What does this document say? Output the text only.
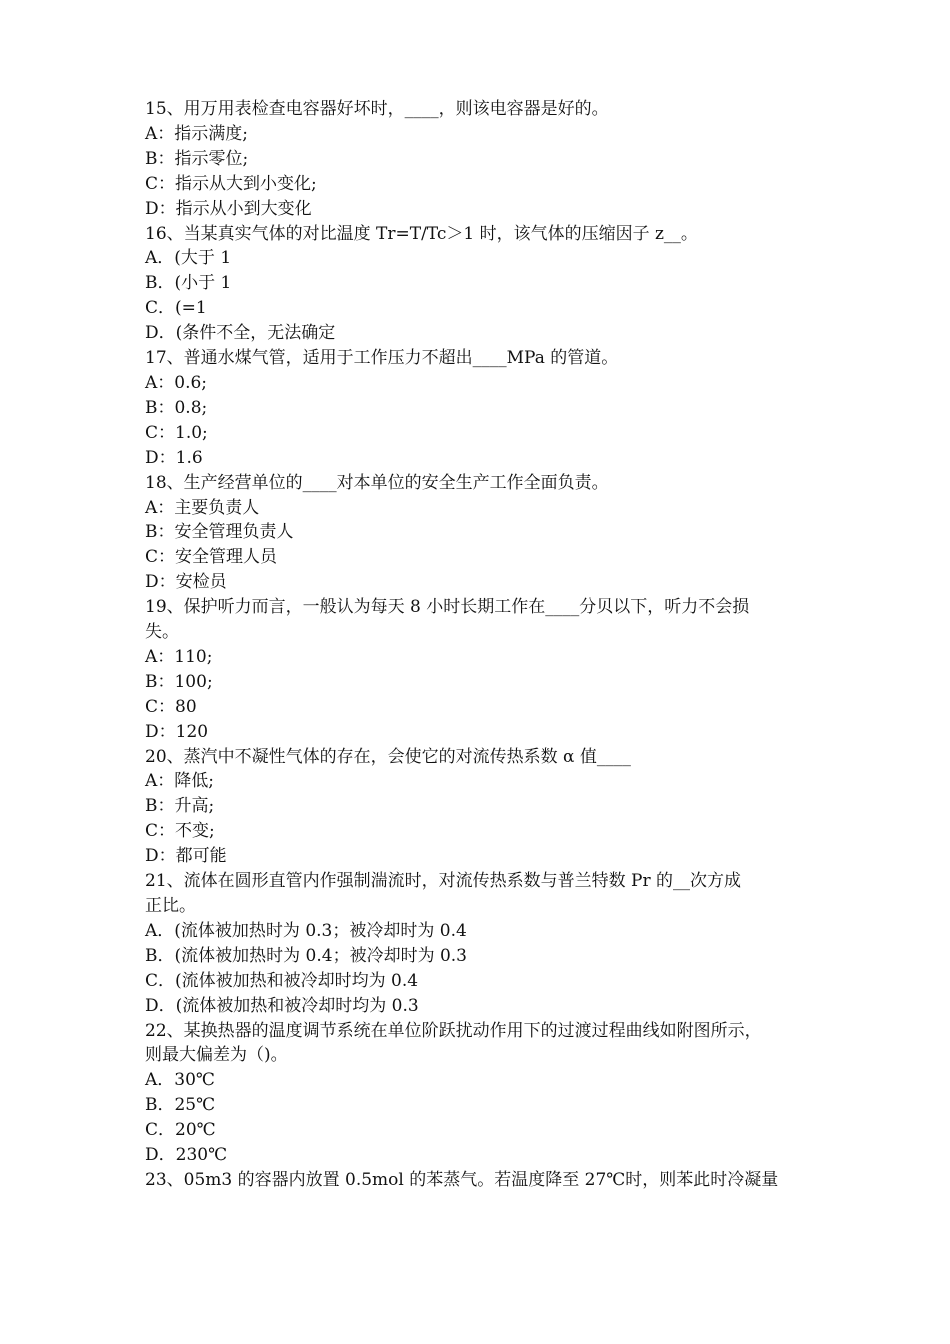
15、用万用表检查电容器好坏时，____，则该电容器是好的。

A：指示满度;

B：指示零位;

C：指示从大到小变化;

D：指示从小到大变化

16、当某真实气体的对比温度 Tr=T/Tc＞1 时，该气体的压缩因子 z__。

A．(大于 1

B．(小于 1

C．(=1

D．(条件不全，无法确定

17、普通水煤气管，适用于工作压力不超出____MPa 的管道。

A：0.6;

B：0.8;

C：1.0;

D：1.6

18、生产经营单位的____对本单位的安全生产工作全面负责。

A：主要负责人

B：安全管理负责人

C：安全管理人员

D：安检员

19、保护听力而言，一般认为每天 8 小时长期工作在____分贝以下，听力不会损

失。

A：110;

B：100;

C：80

D：120

20、蒸汽中不凝性气体的存在，会使它的对流传热系数 α 值____

A：降低;

B：升高;

C：不变;

D：都可能

21、流体在圆形直管内作强制湍流时，对流传热系数与普兰特数 Pr 的__次方成

正比。

A．(流体被加热时为 0.3；被冷却时为 0.4

B．(流体被加热时为 0.4；被冷却时为 0.3

C．(流体被加热和被冷却时均为 0.4

D．(流体被加热和被冷却时均为 0.3

22、某换热器的温度调节系统在单位阶跃扰动作用下的过渡过程曲线如附图所示，

则最大偏差为（)。

A．30℃

B．25℃

C．20℃

D．230℃

23、05m3 的容器内放置 0.5mol 的苯蒸气。若温度降至 27℃时，则苯此时冷凝量
